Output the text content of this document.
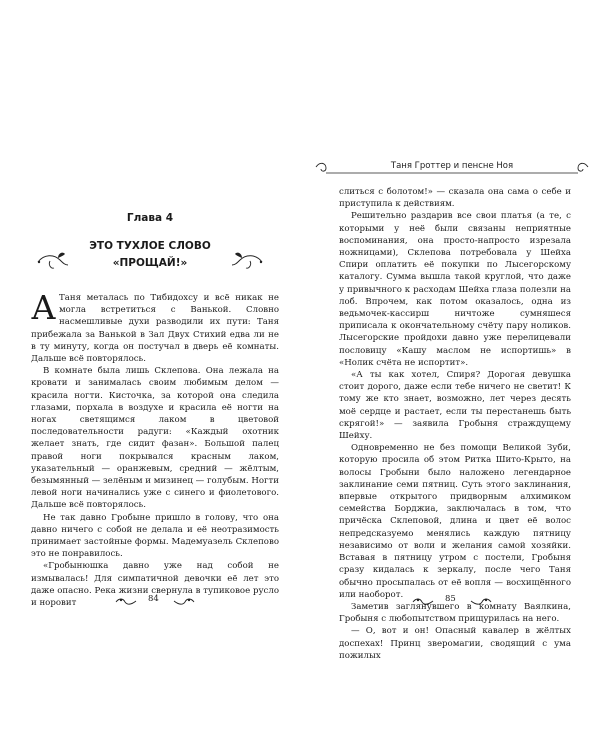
Глава 4
ЭТО ТУХЛОЕ СЛОВО
«ПРОЩАЙ!»

А Таня металась по Тибидохсу и всё никак не могла встретиться с Ванькой. Словно насмешливые духи разводили их пути: Таня прибежала за Ванькой в Зал Двух Стихий едва ли не в ту минуту, когда он постучал в дверь её комнаты. Дальше всё повторялось.

В комнате была лишь Склепова. Она лежала на кровати и занималась своим любимым делом — красила ногти. Кисточка, за которой она следила глазами, порхала в воздухе и красила её ногти на ногах светящимся лаком в цветовой последовательности радуги: «Каждый охотник желает знать, где сидит фазан». Большой палец правой ноги покрывался красным лаком, указательный — оранжевым, средний — жёлтым, безымянный — зелёным и мизинец — голубым. Ногти левой ноги начинались уже с синего и фиолетового. Дальше всё повторялось.

Не так давно Гробыне пришло в голову, что она давно ничего с собой не делала и её неотразимость принимает застойные формы. Мадемуазель Склепово это не понравилось.

«Гробынюшка давно уже над собой не измывалась! Для симпатичной девочки её лет это даже опасно. Река жизни свернула в тупиковое русло и норовит	84
Таня Гроттер и пенсне Ноя

слиться с болотом!» — сказала она сама о себе и приступила к действиям.

Решительно раздарив все свои платья (а те, с которыми у неё были связаны неприятные воспоминания, она просто-напросто изрезала ножницами), Склепова потребовала у Шейха Спири оплатить её покупки по Лысегорскому каталогу. Сумма вышла такой круглой, что даже у привычного к расходам Шейха глаза полезли на лоб. Впрочем, как потом оказалось, одна из ведьмочек-кассирш ничтоже сумняшеся приписала к окончательному счёту пару ноликов. Лысегорские пройдохи давно уже перелицевали пословицу «Кашу маслом не испортишь» в «Нолик счёта не испортит».

«А ты как хотел, Спиря? Дорогая девушка стоит дорого, даже если тебе ничего не светит! К тому же кто знает, возможно, лет через десять моё сердце и растает, если ты перестанешь быть скрягой!» — заявила Гробыня страждущему Шейху.

Одновременно не без помощи Великой Зуби, которую просила об этом Ритка Шито-Крыто, на волосы Гробыни было наложено легендарное заклинание семи пятниц. Суть этого заклинания, впервые открытого придворным алхимиком семейства Борджиа, заключалась в том, что причёска Склеповой, длина и цвет её волос непредсказуемо менялись каждую пятницу независимо от воли и желания самой хозяйки. Вставая в пятницу утром с постели, Гробыня сразу кидалась к зеркалу, после чего Таня обычно просыпалась от её вопля — восхищённого или наоборот.

Заметив заглянувшего в комнату Ваялкина, Гробыня с любопытством прищурилась на него.

— О, вот и он! Опасный кавалер в жёлтых доспехах! Принц зверомагии, сводящий с ума пожилых

85
